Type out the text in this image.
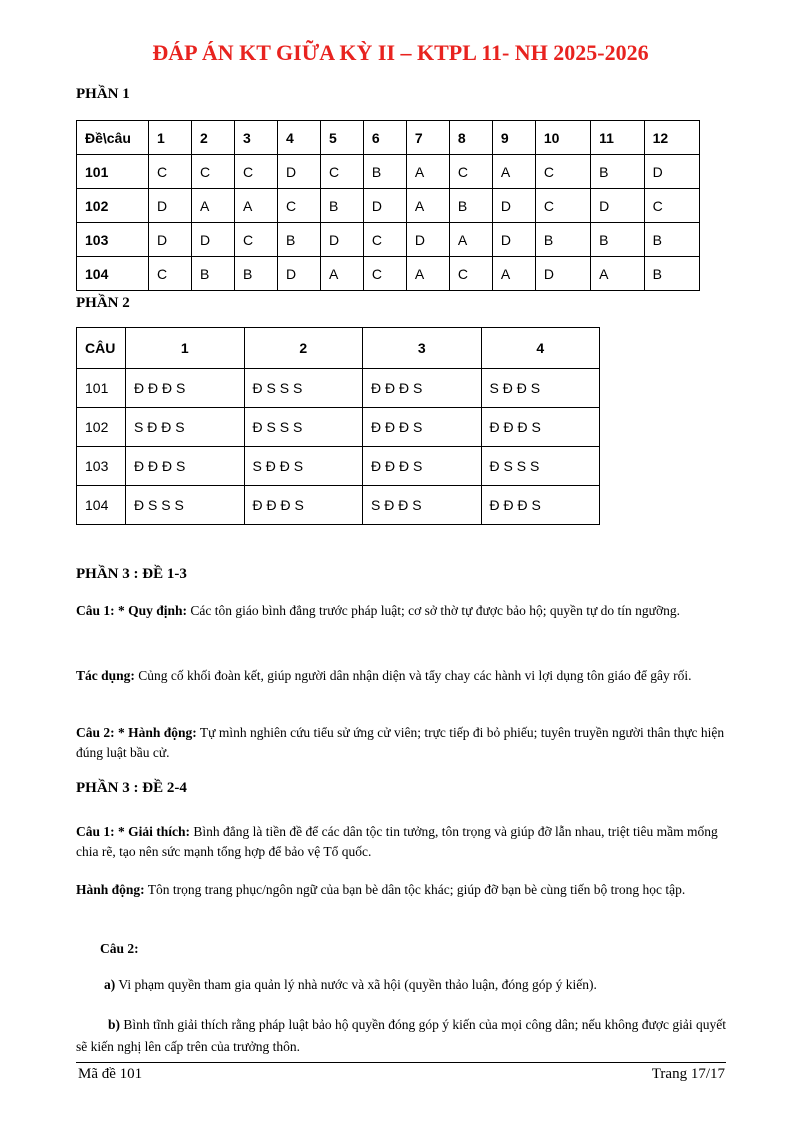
ĐÁP ÁN KT GIỮA KỲ II – KTPL 11- NH 2025-2026
PHẦN 1
Đề\câu	1	2	3	4	5	6	7	8	9	10	11	12
101	C	C	C	D	C	B	A	C	A	C	B	D
102	D	A	A	C	B	D	A	B	D	C	D	C
103	D	D	C	B	D	C	D	A	D	B	B	B
104	C	B	B	D	A	C	A	C	A	D	A	B
PHẦN 2
CÂU	1	2	3	4
101	Đ Đ Đ S	Đ S S S	Đ Đ Đ S	S Đ Đ S
102	S Đ Đ S	Đ S S S	Đ Đ Đ S	Đ Đ Đ S
103	Đ Đ Đ S	S Đ Đ S	Đ Đ Đ S	Đ S S S
104	Đ S S S	Đ Đ Đ S	S Đ Đ S	Đ Đ Đ S
PHẦN 3 : ĐỀ 1-3
Câu 1: * Quy định: Các tôn giáo bình đẳng trước pháp luật; cơ sở thờ tự được bảo hộ; quyền tự do tín ngưỡng.
Tác dụng: Củng cố khối đoàn kết, giúp người dân nhận diện và tẩy chay các hành vi lợi dụng tôn giáo để gây rối.
Câu 2: * Hành động: Tự mình nghiên cứu tiểu sử ứng cử viên; trực tiếp đi bỏ phiếu; tuyên truyền người thân thực hiện đúng luật bầu cử.
PHẦN 3 : ĐỀ 2-4
Câu 1: * Giải thích: Bình đẳng là tiền đề để các dân tộc tin tưởng, tôn trọng và giúp đỡ lẫn nhau, triệt tiêu mầm mống chia rẽ, tạo nên sức mạnh tổng hợp để bảo vệ Tổ quốc.
Hành động: Tôn trọng trang phục/ngôn ngữ của bạn bè dân tộc khác; giúp đỡ bạn bè cùng tiến bộ trong học tập.
Câu 2:
a) Vi phạm quyền tham gia quản lý nhà nước và xã hội (quyền thảo luận, đóng góp ý kiến).
b) Bình tĩnh giải thích rằng pháp luật bảo hộ quyền đóng góp ý kiến của mọi công dân; nếu không được giải quyết sẽ kiến nghị lên cấp trên của trưởng thôn.
Mã đề 101	Trang 17/17
